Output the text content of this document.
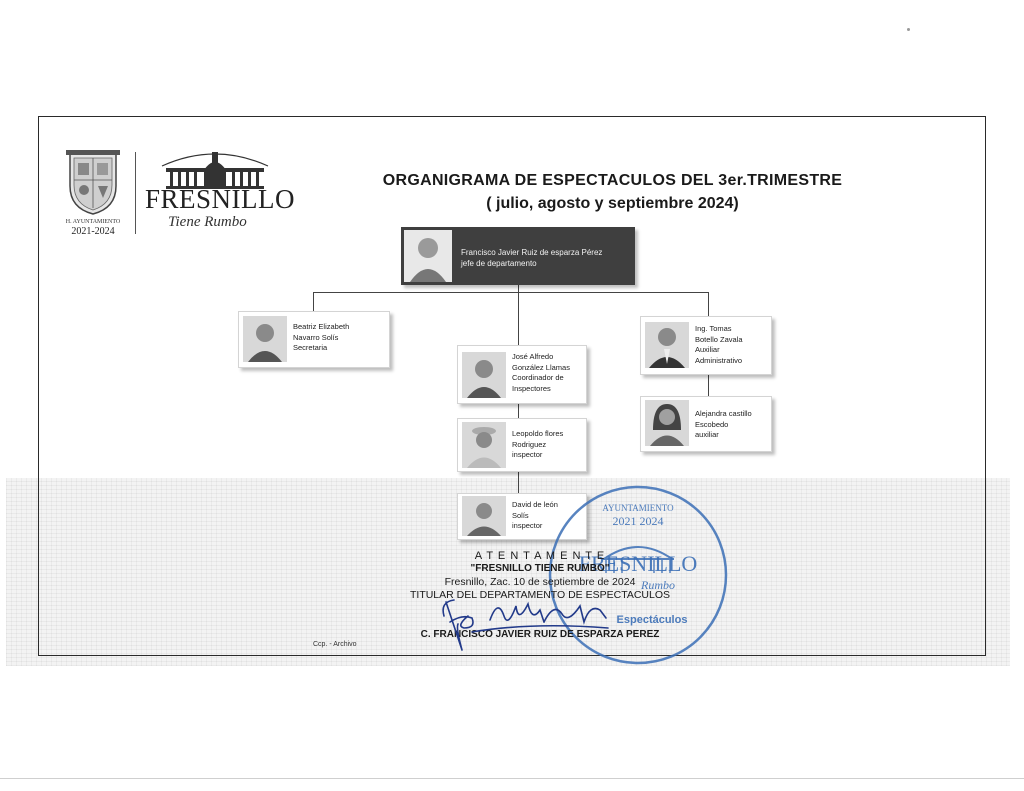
H. AYUNTAMIENTO
2021-2024
FRESNILLO
Tiene Rumbo
ORGANIGRAMA DE ESPECTACULOS DEL 3er.TRIMESTRE
( julio, agosto y septiembre 2024)
Francisco Javier Ruiz de esparza Pérez
jefe de departamento
Beatriz Elizabeth
Navarro Solís
Secretaria
José Alfredo
González Llamas
Coordinador de
Inspectores
Leopoldo flores
Rodriguez
inspector
David de león
Solís
inspector
Ing. Tomas
Botello Zavala
Auxiliar
Administrativo
Alejandra castillo
Escobedo
auxiliar
AYUNTAMIENTO
2021 2024
FRESNILLO
Rumbo
Espectáculos
A T E N T A M E N T E
"FRESNILLO TIENE RUMBO"
Fresnillo, Zac. 10 de septiembre de 2024
TITULAR DEL DEPARTAMENTO DE ESPECTACULOS
C. FRANCISCO JAVIER RUIZ DE ESPARZA PEREZ
Ccp. - Archivo
